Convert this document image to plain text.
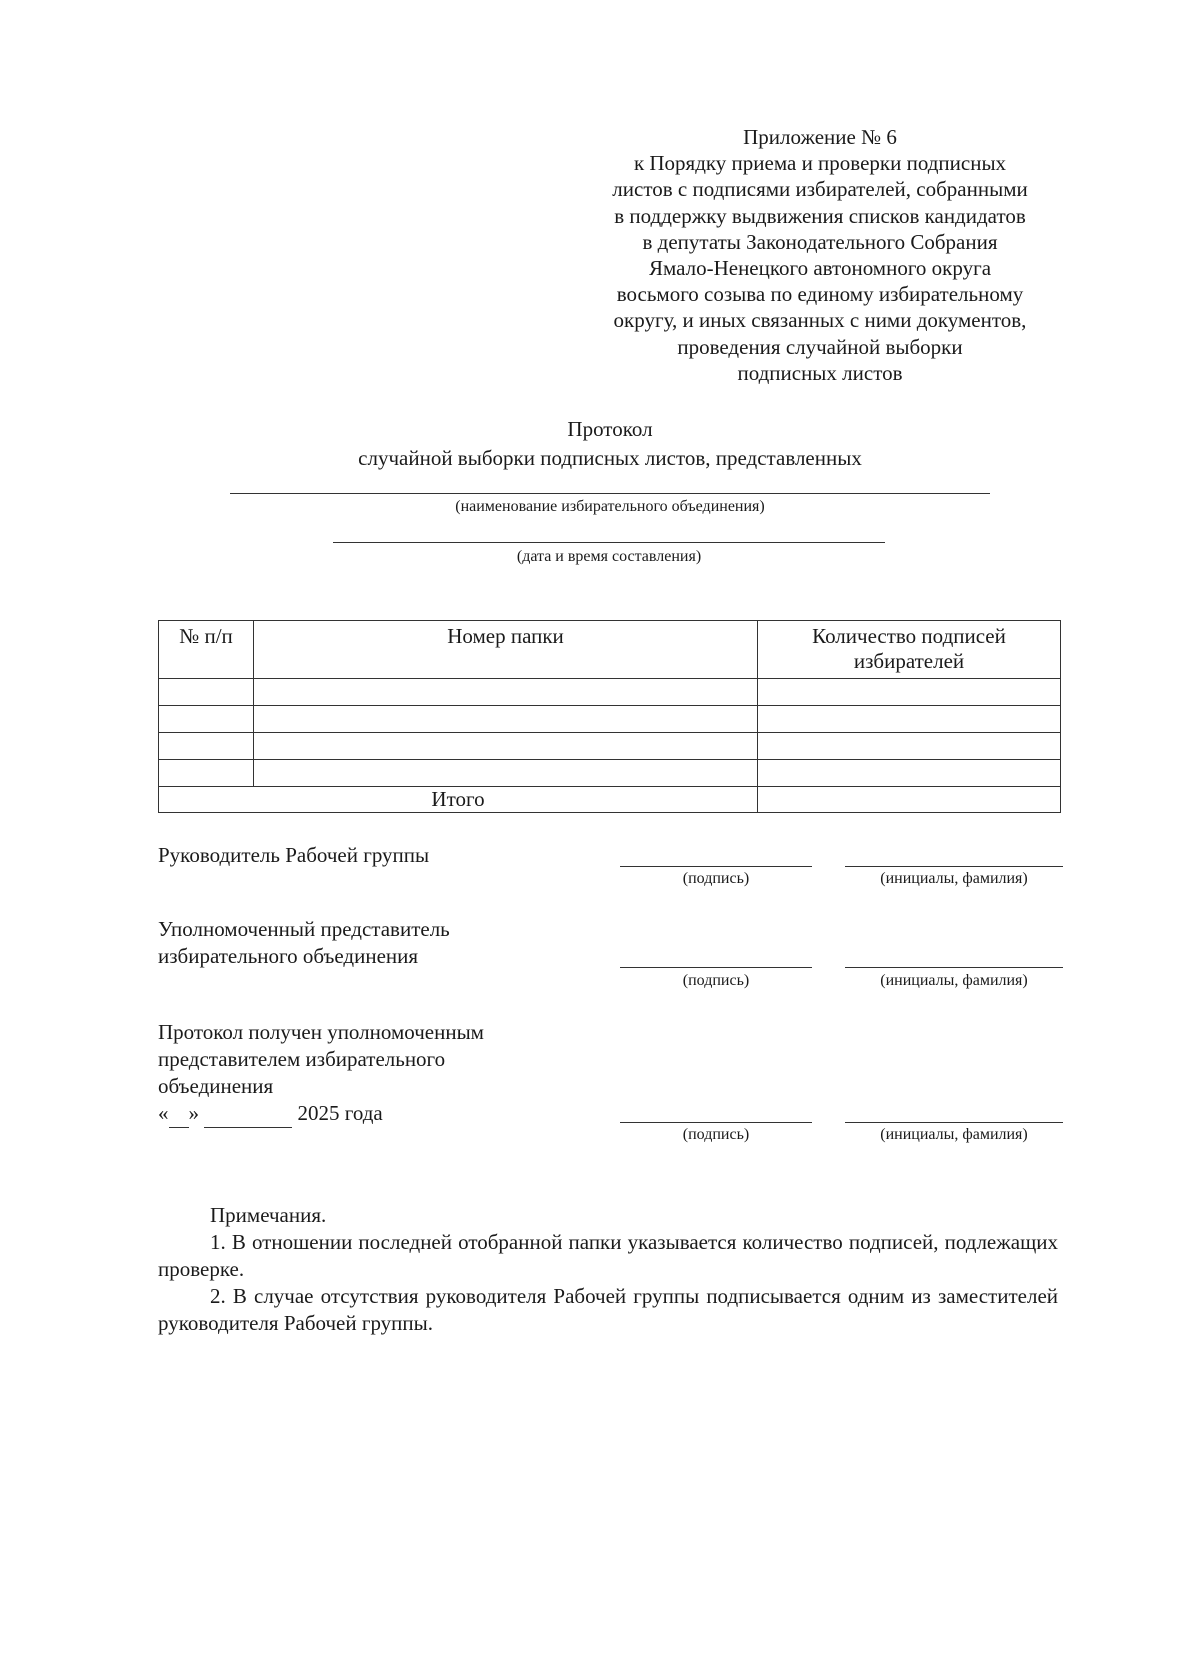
Приложение № 6
к Порядку приема и проверки подписных
листов с подписями избирателей, собранными
в поддержку выдвижения списков кандидатов
в депутаты Законодательного Собрания
Ямало-Ненецкого автономного округа
восьмого созыва по единому избирательному
округу, и иных связанных с ними документов,
проведения случайной выборки
подписных листов
Протокол
случайной выборки подписных листов, представленных
(наименование избирательного объединения)
(дата и время составления)
№ п/п	Номер папки	Количество подписей избирателей

Итого		
Руководитель Рабочей группы
(подпись)	(инициалы, фамилия)
Уполномоченный представитель
избирательного объединения
(подпись)	(инициалы, фамилия)
Протокол получен уполномоченным
представителем избирательного
объединения
« »	2025 года
(подпись)	(инициалы, фамилия)
Примечания.
1. В отношении последней отобранной папки указывается количество подписей, подлежащих проверке.
2. В случае отсутствия руководителя Рабочей группы подписывается одним из заместителей руководителя Рабочей группы.
